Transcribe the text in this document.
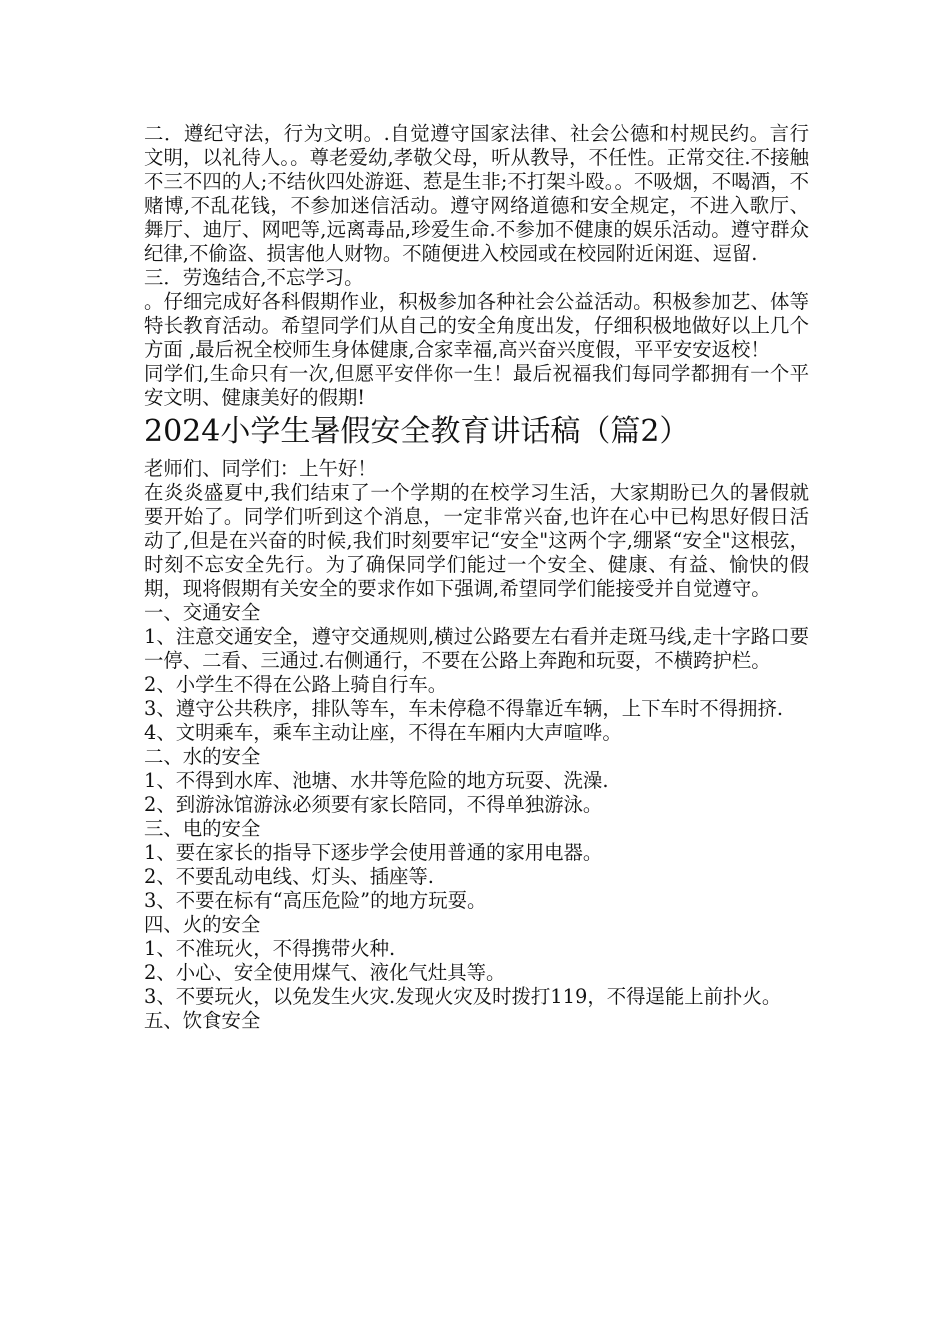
二．遵纪守法，行为文明。.自觉遵守国家法律、社会公德和村规民约。言行文明，以礼待人。。尊老爱幼,孝敬父母，听从教导，不任性。正常交往.不接触不三不四的人;不结伙四处游逛、惹是生非;不打架斗殴。。不吸烟，不喝酒，不赌博,不乱花钱，不参加迷信活动。遵守网络道德和安全规定，不进入歌厅、舞厅、迪厅、网吧等,远离毒品,珍爱生命.不参加不健康的娱乐活动。遵守群众纪律,不偷盗、损害他人财物。不随便进入校园或在校园附近闲逛、逗留.

三．劳逸结合,不忘学习。

。仔细完成好各科假期作业，积极参加各种社会公益活动。积极参加艺、体等特长教育活动。希望同学们从自己的安全角度出发，仔细积极地做好以上几个方面 ,最后祝全校师生身体健康,合家幸福,高兴奋兴度假，平平安安返校！

同学们,生命只有一次,但愿平安伴你一生！最后祝福我们每同学都拥有一个平安文明、健康美好的假期!

2024小学生暑假安全教育讲话稿（篇2）

老师们、同学们：上午好！

在炎炎盛夏中,我们结束了一个学期的在校学习生活，大家期盼已久的暑假就要开始了。同学们听到这个消息，一定非常兴奋,也许在心中已构思好假日活动了,但是在兴奋的时候,我们时刻要牢记“安全"这两个字,绷紧“安全"这根弦，时刻不忘安全先行。为了确保同学们能过一个安全、健康、有益、愉快的假期，现将假期有关安全的要求作如下强调,希望同学们能接受并自觉遵守。

一、交通安全

1、注意交通安全，遵守交通规则,横过公路要左右看并走斑马线,走十字路口要一停、二看、三通过.右侧通行，不要在公路上奔跑和玩耍，不横跨护栏。

2、小学生不得在公路上骑自行车。

3、遵守公共秩序，排队等车，车未停稳不得靠近车辆，上下车时不得拥挤.

4、文明乘车，乘车主动让座，不得在车厢内大声喧哗。

二、水的安全

1、不得到水库、池塘、水井等危险的地方玩耍、洗澡.

2、到游泳馆游泳必须要有家长陪同，不得单独游泳。

三、电的安全

1、要在家长的指导下逐步学会使用普通的家用电器。

2、不要乱动电线、灯头、插座等.

3、不要在标有“高压危险”的地方玩耍。

四、火的安全

1、不准玩火，不得携带火种.

2、小心、安全使用煤气、液化气灶具等。

3、不要玩火，以免发生火灾.发现火灾及时拨打119，不得逞能上前扑火。

五、饮食安全
